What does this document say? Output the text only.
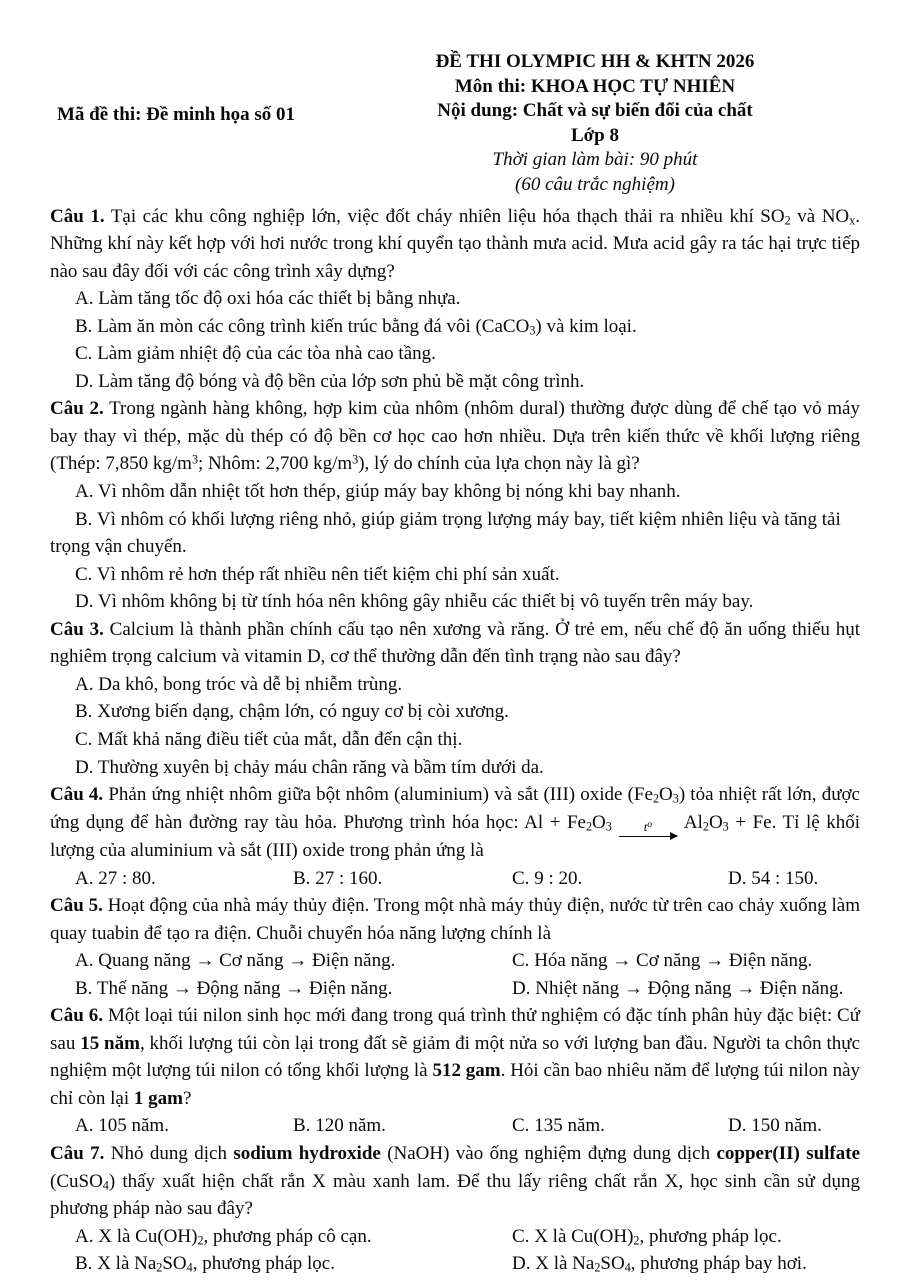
Mã đề thi: Đề minh họa số 01
ĐỀ THI OLYMPIC HH & KHTN 2026
Môn thi: KHOA HỌC TỰ NHIÊN
Nội dung: Chất và sự biến đổi của chất
Lớp 8
Thời gian làm bài: 90 phút
(60 câu trắc nghiệm)

Câu 1. Tại các khu công nghiệp lớn, việc đốt cháy nhiên liệu hóa thạch thải ra nhiều khí $SO_2$ và $NO_x$. Những khí này kết hợp với hơi nước trong khí quyển tạo thành mưa acid. Mưa acid gây ra tác hại trực tiếp nào sau đây đối với các công trình xây dựng?

A. Làm tăng tốc độ oxi hóa các thiết bị bằng nhựa.

B. Làm ăn mòn các công trình kiến trúc bằng đá vôi (CaCO$_3$) và kim loại.

C. Làm giảm nhiệt độ của các tòa nhà cao tầng.

D. Làm tăng độ bóng và độ bền của lớp sơn phủ bề mặt công trình.

Câu 2. Trong ngành hàng không, hợp kim của nhôm (nhôm dural) thường được dùng để chế tạo vỏ máy bay thay vì thép, mặc dù thép có độ bền cơ học cao hơn nhiều. Dựa trên kiến thức về khối lượng riêng (Thép: 7,850 $kg/m^3$; Nhôm: 2,700 $kg/m^3$), lý do chính của lựa chọn này là gì?

A. Vì nhôm dẫn nhiệt tốt hơn thép, giúp máy bay không bị nóng khi bay nhanh.

B. Vì nhôm có khối lượng riêng nhỏ, giúp giảm trọng lượng máy bay, tiết kiệm nhiên liệu và tăng tải trọng vận chuyển.

C. Vì nhôm rẻ hơn thép rất nhiều nên tiết kiệm chi phí sản xuất.

D. Vì nhôm không bị từ tính hóa nên không gây nhiễu các thiết bị vô tuyến trên máy bay.

Câu 3. Calcium là thành phần chính cấu tạo nên xương và răng. Ở trẻ em, nếu chế độ ăn uống thiếu hụt nghiêm trọng calcium và vitamin D, cơ thể thường dẫn đến tình trạng nào sau đây?

A. Da khô, bong tróc và dễ bị nhiễm trùng.

B. Xương biến dạng, chậm lớn, có nguy cơ bị còi xương.

C. Mất khả năng điều tiết của mắt, dẫn đến cận thị.

D. Thường xuyên bị chảy máu chân răng và bầm tím dưới da.

Câu 4. Phản ứng nhiệt nhôm giữa bột nhôm (aluminium) và sắt (III) oxide $(Fe_2O_3)$ tỏa nhiệt rất lớn, được ứng dụng để hàn đường ray tàu hỏa. Phương trình hóa học: $Al + Fe_2O_3$ $t^o$ $Al_2O_3 + Fe$. Tỉ lệ khối lượng của aluminium và sắt (III) oxide trong phản ứng là

A. 27 : 80.	B. 27 : 160.	C. 9 : 20.	D. 54 : 150.

Câu 5. Hoạt động của nhà máy thủy điện. Trong một nhà máy thủy điện, nước từ trên cao chảy xuống làm quay tuabin để tạo ra điện. Chuỗi chuyển hóa năng lượng chính là

A. Quang năng → Cơ năng → Điện năng.

B. Thế năng → Động năng → Điện năng.

C. Hóa năng → Cơ năng → Điện năng.

D. Nhiệt năng → Động năng → Điện năng.

Câu 6. Một loại túi nilon sinh học mới đang trong quá trình thử nghiệm có đặc tính phân hủy đặc biệt: Cứ sau 15 năm, khối lượng túi còn lại trong đất sẽ giảm đi một nửa so với lượng ban đầu. Người ta chôn thực nghiệm một lượng túi nilon có tổng khối lượng là 512 gam. Hỏi cần bao nhiêu năm để lượng túi nilon này chỉ còn lại 1 gam?

A. 105 năm.	B. 120 năm.	C. 135 năm.	D. 150 năm.

Câu 7. Nhỏ dung dịch sodium hydroxide (NaOH) vào ống nghiệm đựng dung dịch copper(II) sulfate (CuSO$_4$) thấy xuất hiện chất rắn X màu xanh lam. Để thu lấy riêng chất rắn X, học sinh cần sử dụng phương pháp nào sau đây?

A. X là $Cu(OH)_2$, phương pháp cô cạn.

B. X là $Na_2SO_4$, phương pháp lọc.

C. X là $Cu(OH)_2$, phương pháp lọc.

D. X là $Na_2SO_4$, phương pháp bay hơi.
